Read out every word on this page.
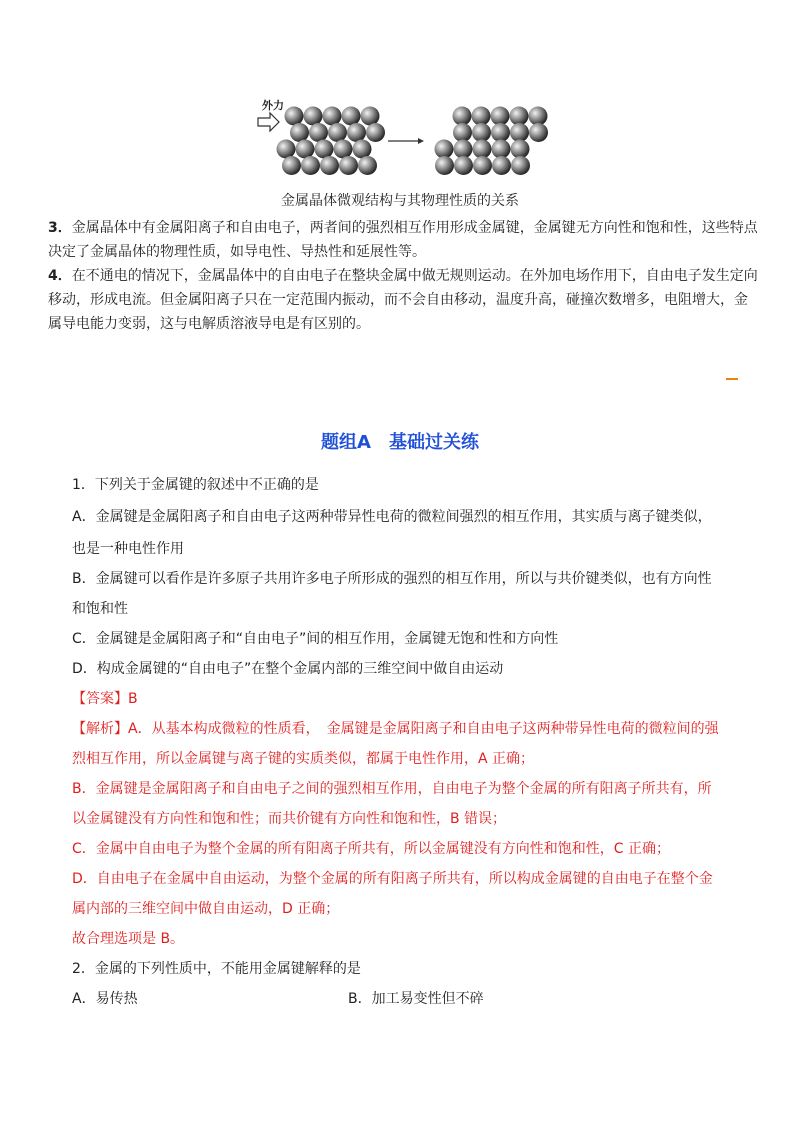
外力
金属晶体微观结构与其物理性质的关系
3．金属晶体中有金属阳离子和自由电子，两者间的强烈相互作用形成金属键，金属键无方向性和饱和性，这些特点决定了金属晶体的物理性质，如导电性、导热性和延展性等。
4．在不通电的情况下，金属晶体中的自由电子在整块金属中做无规则运动。在外加电场作用下，自由电子发生定向移动，形成电流。但金属阳离子只在一定范围内振动，而不会自由移动，温度升高，碰撞次数增多，电阻增大，金属导电能力变弱，这与电解质溶液导电是有区别的。
题组A　基础过关练
1．下列关于金属键的叙述中不正确的是
A．金属键是金属阳离子和自由电子这两种带异性电荷的微粒间强烈的相互作用，其实质与离子键类似，
也是一种电性作用
B．金属键可以看作是许多原子共用许多电子所形成的强烈的相互作用，所以与共价键类似，也有方向性
和饱和性
C．金属键是金属阳离子和“自由电子”间的相互作用，金属键无饱和性和方向性
D．构成金属键的“自由电子”在整个金属内部的三维空间中做自由运动
【答案】B
【解析】A．从基本构成微粒的性质看，　金属键是金属阳离子和自由电子这两种带异性电荷的微粒间的强
烈相互作用，所以金属键与离子键的实质类似，都属于电性作用，A 正确；
B．金属键是金属阳离子和自由电子之间的强烈相互作用，自由电子为整个金属的所有阳离子所共有，所
以金属键没有方向性和饱和性；而共价键有方向性和饱和性，B 错误；
C．金属中自由电子为整个金属的所有阳离子所共有，所以金属键没有方向性和饱和性，C 正确；
D．自由电子在金属中自由运动，为整个金属的所有阳离子所共有，所以构成金属键的自由电子在整个金
属内部的三维空间中做自由运动，D 正确；
故合理选项是 B。
2．金属的下列性质中，不能用金属键解释的是
A．易传热	B．加工易变性但不碎
